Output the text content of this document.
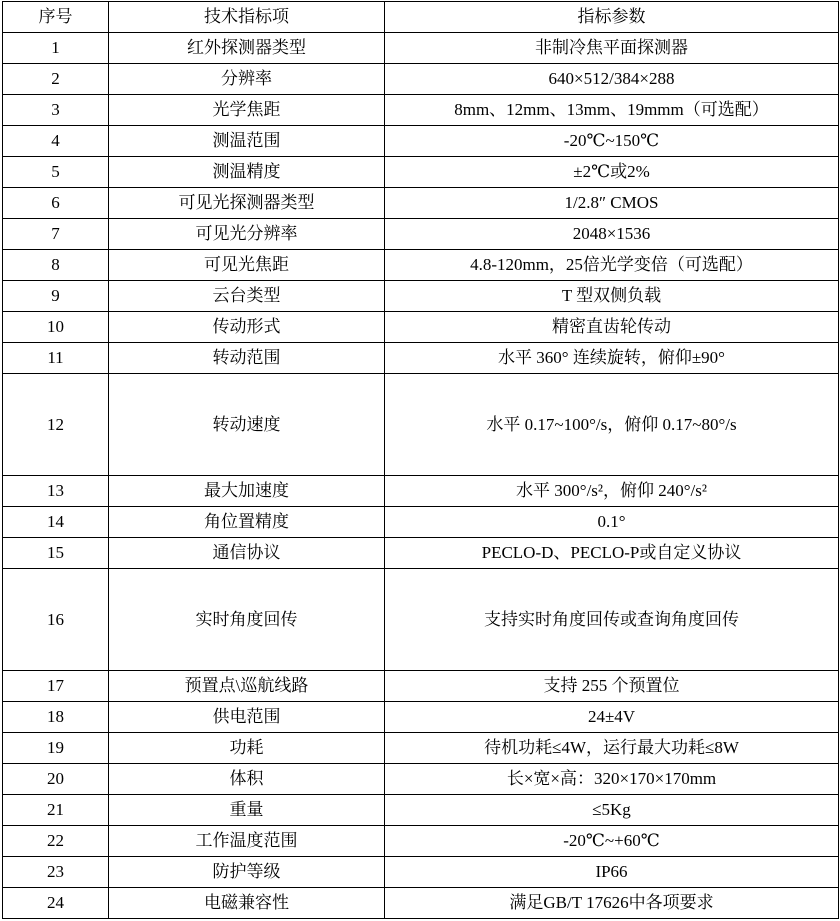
序号	技术指标项	指标参数
1	红外探测器类型	非制冷焦平面探测器
2	分辨率	640×512/384×288
3	光学焦距	8mm、12mm、13mm、19mmm（可选配）
4	测温范围	-20℃~150℃
5	测温精度	±2℃或2%
6	可见光探测器类型	1/2.8″ CMOS
7	可见光分辨率	2048×1536
8	可见光焦距	4.8-120mm，25倍光学变倍（可选配）
9	云台类型	T 型双侧负载
10	传动形式	精密直齿轮传动
11	转动范围	水平 360° 连续旋转，俯仰±90°
12	转动速度	水平 0.17~100°/s，俯仰 0.17~80°/s
13	最大加速度	水平 300°/s²，俯仰 240°/s²
14	角位置精度	0.1°
15	通信协议	PECLO-D、PECLO-P或自定义协议
16	实时角度回传	支持实时角度回传或查询角度回传
17	预置点\巡航线路	支持 255 个预置位
18	供电范围	24±4V
19	功耗	待机功耗≤4W，运行最大功耗≤8W
20	体积	长×宽×高：320×170×170mm
21	重量	≤5Kg
22	工作温度范围	-20℃~+60℃
23	防护等级	IP66
24	电磁兼容性	满足GB/T 17626中各项要求
